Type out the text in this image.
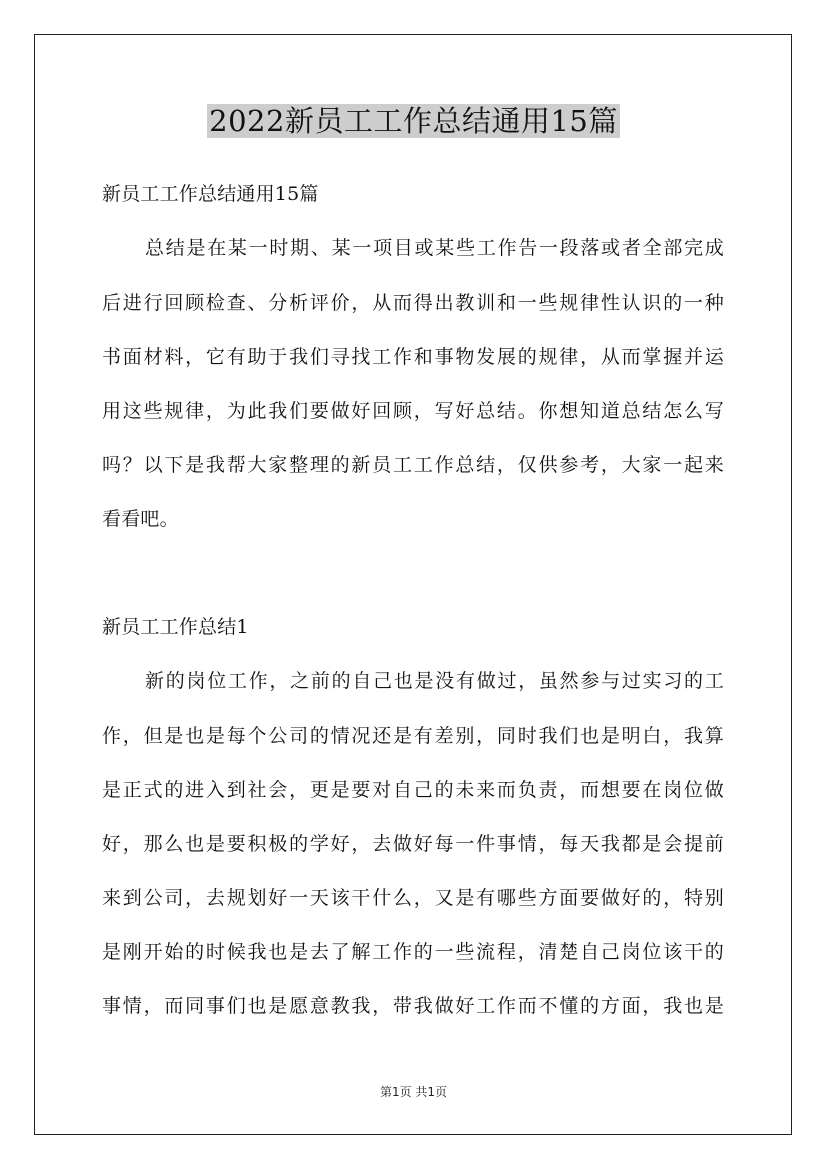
2022新员工工作总结通用15篇
新员工工作总结通用15篇
总结是在某一时期、某一项目或某些工作告一段落或者全部完成
后进行回顾检查、分析评价，从而得出教训和一些规律性认识的一种
书面材料，它有助于我们寻找工作和事物发展的规律，从而掌握并运
用这些规律，为此我们要做好回顾，写好总结。你想知道总结怎么写
吗？以下是我帮大家整理的新员工工作总结，仅供参考，大家一起来
看看吧。
新员工工作总结1
新的岗位工作，之前的自己也是没有做过，虽然参与过实习的工
作，但是也是每个公司的情况还是有差别，同时我们也是明白，我算
是正式的进入到社会，更是要对自己的未来而负责，而想要在岗位做
好，那么也是要积极的学好，去做好每一件事情，每天我都是会提前
来到公司，去规划好一天该干什么，又是有哪些方面要做好的，特别
是刚开始的时候我也是去了解工作的一些流程，清楚自己岗位该干的
事情，而同事们也是愿意教我，带我做好工作而不懂的方面，我也是
第1页 共1页
